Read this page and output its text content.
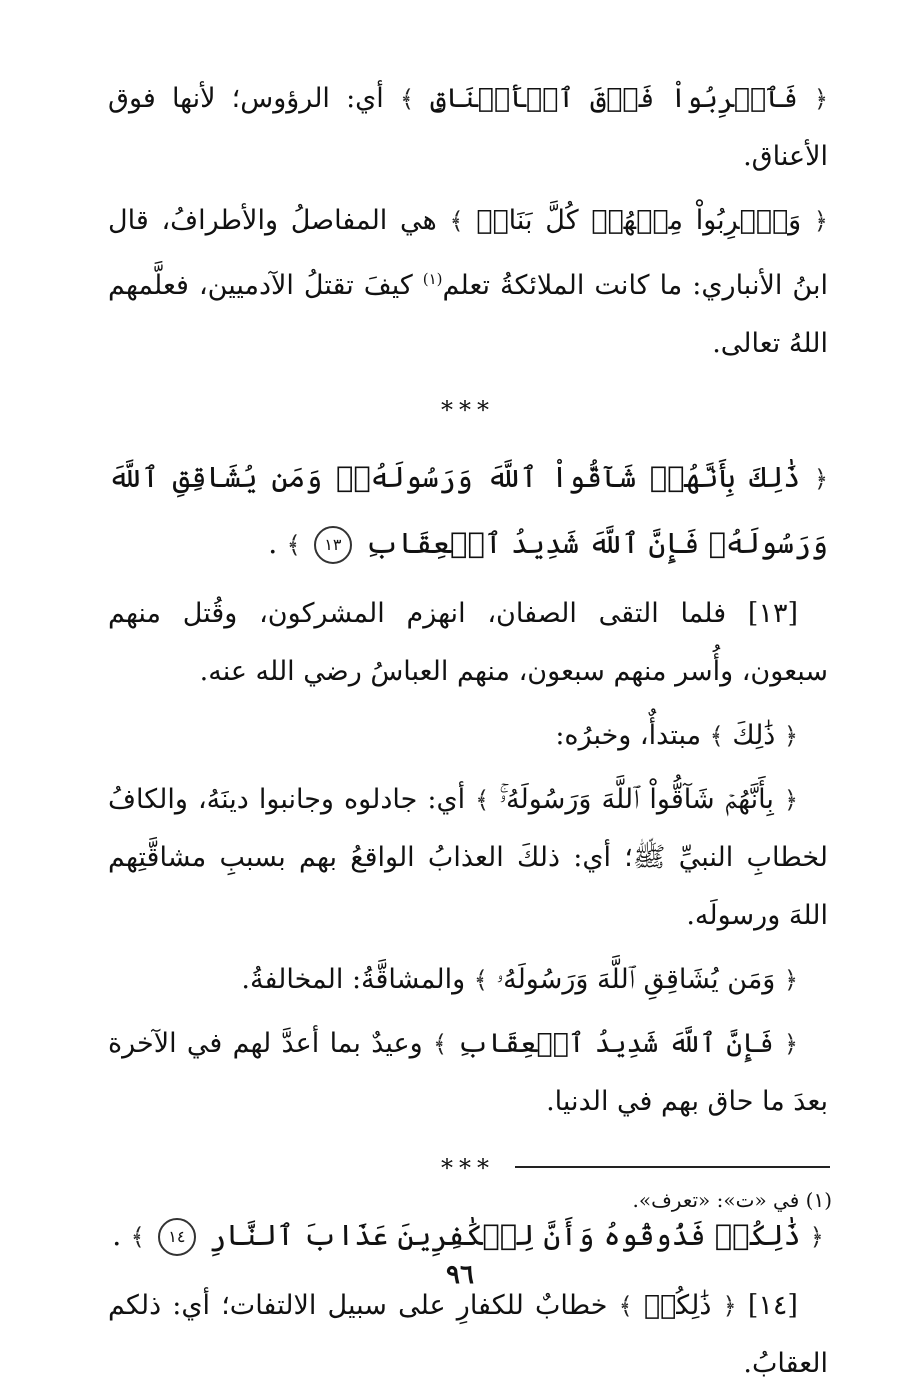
﴿ فَٱضۡرِبُواْ فَوۡقَ ٱلۡأَعۡنَاقِ ﴾ أي: الرؤوس؛ لأنها فوق الأعناق.

﴿ وَٱضۡرِبُواْ مِنۡهُمۡ كُلَّ بَنَانٖ ﴾ هي المفاصلُ والأطرافُ، قال ابنُ الأنباري: ما كانت الملائكةُ تعلم$^{(١)}$ كيفَ تقتلُ الآدميين، فعلَّمهم اللهُ تعالى.

***

﴿ ذَٰلِكَ بِأَنَّهُمۡ شَآقُّواْ ٱللَّهَ وَرَسُولَهُۥۚ وَمَن يُشَاقِقِ ٱللَّهَ وَرَسُولَهُۥ فَإِنَّ ٱللَّهَ شَدِيدُ ٱلۡعِقَابِ ١٣ ﴾ .

[١٣] فلما التقى الصفان، انهزم المشركون، وقُتل منهم سبعون، وأُسر منهم سبعون، منهم العباسُ رضي الله عنه.

﴿ ذَٰلِكَ ﴾ مبتدأٌ، وخبرُه:

﴿ بِأَنَّهُمۡ شَآقُّواْ ٱللَّهَ وَرَسُولَهُۥۚ ﴾ أي: جادلوه وجانبوا دينَهُ، والكافُ لخطابِ النبيِّ ﷺ؛ أي: ذلكَ العذابُ الواقعُ بهم بسببِ مشاقَّتِهم اللهَ ورسولَه.

﴿ وَمَن يُشَاقِقِ ٱللَّهَ وَرَسُولَهُۥ ﴾ والمشاقَّةُ: المخالفةُ.

﴿ فَإِنَّ ٱللَّهَ شَدِيدُ ٱلۡعِقَابِ ﴾ وعيدٌ بما أعدَّ لهم في الآخرة بعدَ ما حاق بهم في الدنيا.

***

﴿ ذَٰلِكُمۡ فَذُوقُوهُ وَأَنَّ لِلۡكَٰفِرِينَ عَذَابَ ٱلنَّارِ ١٤ ﴾ .

[١٤] ﴿ ذَٰلِكُمۡ ﴾ خطابٌ للكفارِ على سبيل الالتفات؛ أي: ذلكم العقابُ.

(١) في «ت»: «تعرف».
٩٦
